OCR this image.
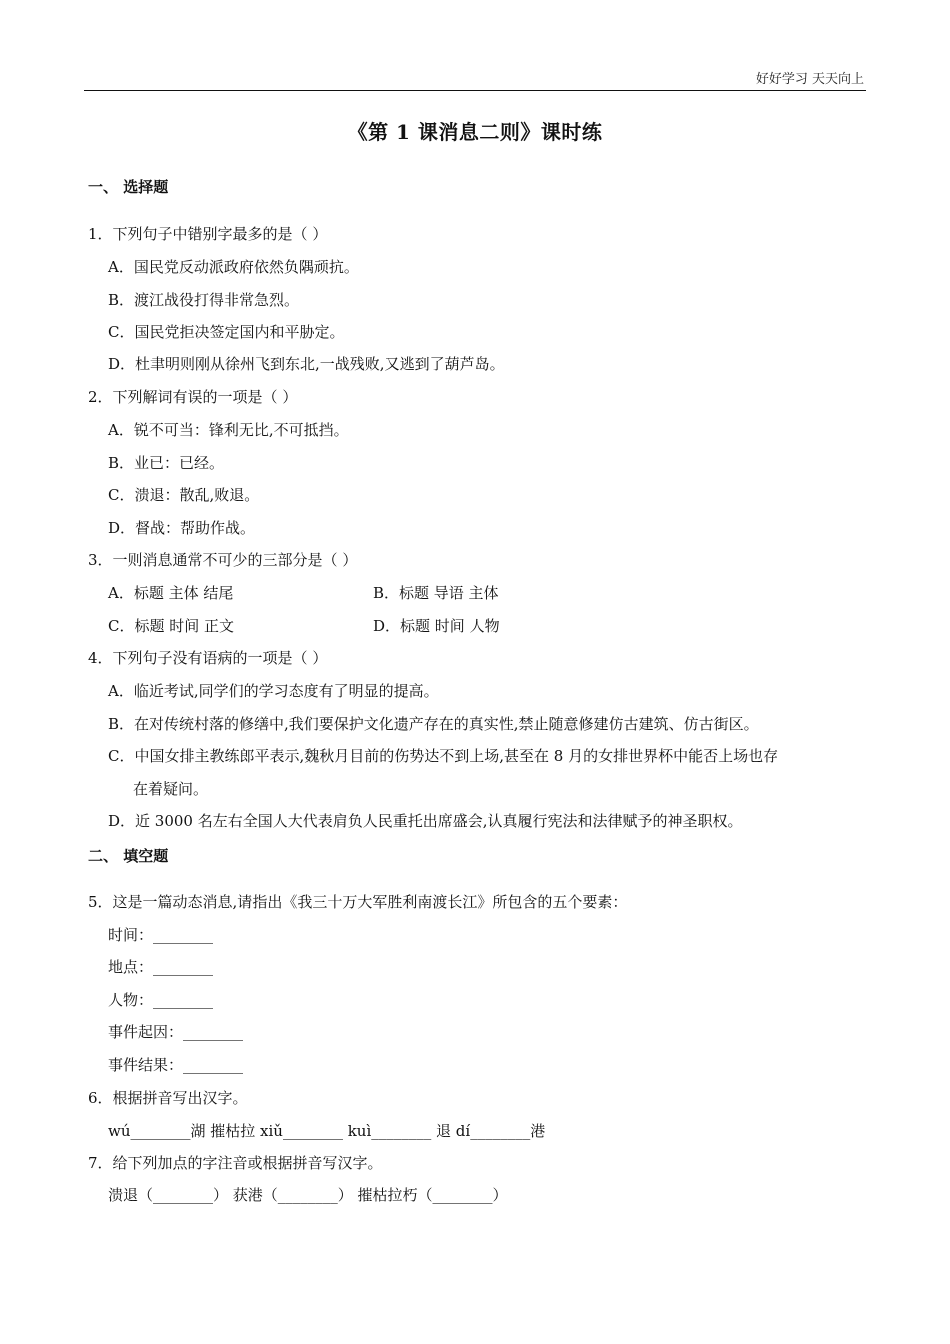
好好学习 天天向上
《第 1 课消息二则》课时练
一、 选择题
1．下列句子中错别字最多的是（ ）
A．国民党反动派政府依然负隅顽抗。
B．渡江战役打得非常急烈。
C．国民党拒决签定国内和平胁定。
D．杜聿明则刚从徐州飞到东北,一战残败,又逃到了葫芦岛。
2．下列解词有误的一项是（ ）
A．锐不可当：锋利无比,不可抵挡。
B．业已：已经。
C．溃退：散乱,败退。
D．督战：帮助作战。
3．一则消息通常不可少的三部分是（ ）
A．标题 主体 结尾	B．标题 导语 主体
C．标题 时间 正文	D．标题 时间 人物
4．下列句子没有语病的一项是（ ）
A．临近考试,同学们的学习态度有了明显的提高。
B．在对传统村落的修缮中,我们要保护文化遗产存在的真实性,禁止随意修建仿古建筑、仿古街区。
C．中国女排主教练郎平表示,魏秋月目前的伤势达不到上场,甚至在 8 月的女排世界杯中能否上场也存
在着疑问。
D．近 3000 名左右全国人大代表肩负人民重托出席盛会,认真履行宪法和法律赋予的神圣职权。
二、 填空题
5．这是一篇动态消息,请指出《我三十万大军胜利南渡长江》所包含的五个要素：
时间：________
地点：________
人物：________
事件起因：________
事件结果：________
6．根据拼音写出汉字。
wú________湖 摧枯拉 xiǔ________ kuì________ 退 dí________港
7．给下列加点的字注音或根据拼音写汉字。
溃退（________） 获港（________） 摧枯拉朽（________）
